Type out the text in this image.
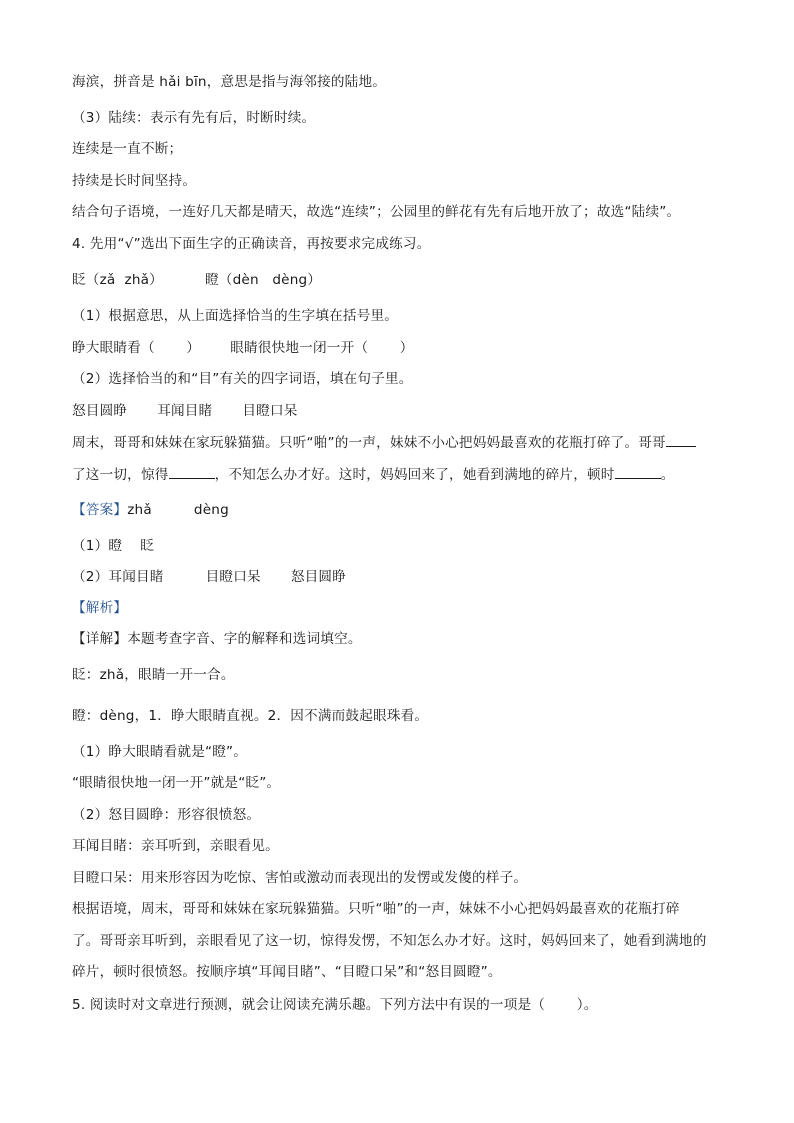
海滨，拼音是 hǎi bīn，意思是指与海邻接的陆地。
（3）陆续：表示有先有后，时断时续。
连续是一直不断；
持续是长时间坚持。
结合句子语境，一连好几天都是晴天，故选“连续”；公园里的鲜花有先有后地开放了；故选“陆续”。
4. 先用“√”选出下面生字的正确读音，再按要求完成练习。
眨（zǎ  zhǎ）	瞪（dèn   dèng）
（1）根据意思，从上面选择恰当的生字填在括号里。
睁大眼睛看（       ） 眼睛很快地一闭一开（       ）
（2）选择恰当的和“目”有关的四字词语，填在句子里。
怒目圆睁 耳闻目睹 目瞪口呆
周末，哥哥和妹妹在家玩躲猫猫。只听“啪”的一声，妹妹不小心把妈妈最喜欢的花瓶打碎了。哥哥
了这一切，惊得	，不知怎么办才好。这时，妈妈回来了，她看到满地的碎片，顿时	。
【答案】zhǎ	dèng
（1）瞪 眨
（2）耳闻目睹	目瞪口呆 怒目圆睁
【解析】
【详解】本题考查字音、字的解释和选词填空。
眨：zhǎ，眼睛一开一合。
瞪：dèng，1．睁大眼睛直视。2．因不满而鼓起眼珠看。
（1）睁大眼睛看就是“瞪”。
“眼睛很快地一闭一开”就是“眨”。
（2）怒目圆睁：形容很愤怒。
耳闻目睹：亲耳听到，亲眼看见。
目瞪口呆：用来形容因为吃惊、害怕或激动而表现出的发愣或发傻的样子。
根据语境，周末，哥哥和妹妹在家玩躲猫猫。只听“啪”的一声，妹妹不小心把妈妈最喜欢的花瓶打碎
了。哥哥亲耳听到，亲眼看见了这一切，惊得发愣，不知怎么办才好。这时，妈妈回来了，她看到满地的
碎片，顿时很愤怒。按顺序填“耳闻目睹”、“目瞪口呆”和“怒目圆瞪”。
5. 阅读时对文章进行预测，就会让阅读充满乐趣。下列方法中有误的一项是（       ）。
